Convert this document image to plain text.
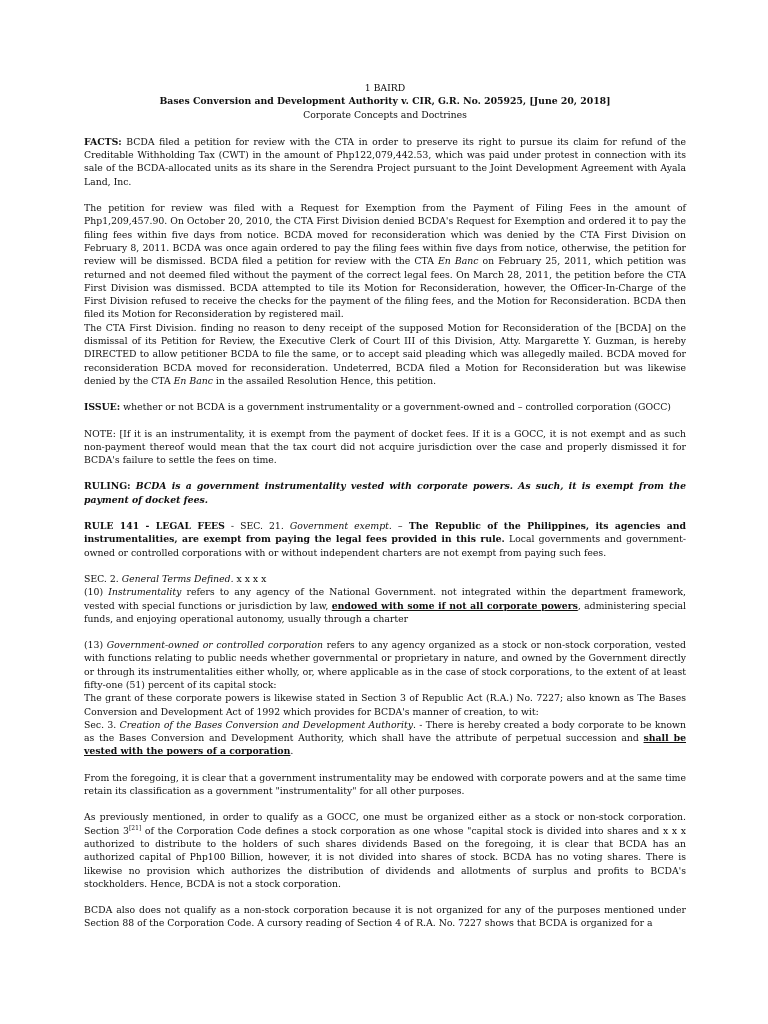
1 BAIRD

Bases Conversion and Development Authority v. CIR, G.R. No. 205925, [June 20, 2018]

Corporate Concepts and Doctrines

FACTS: BCDA filed a petition for review with the CTA in order to preserve its right to pursue its claim for refund of the Creditable Withholding Tax (CWT) in the amount of Php122,079,442.53, which was paid under protest in connection with its sale of the BCDA-allocated units as its share in the Serendra Project pursuant to the Joint Development Agreement with Ayala Land, Inc.

The petition for review was filed with a Request for Exemption from the Payment of Filing Fees in the amount of Php1,209,457.90. On October 20, 2010, the CTA First Division denied BCDA's Request for Exemption and ordered it to pay the filing fees within five days from notice. BCDA moved for reconsideration which was denied by the CTA First Division on February 8, 2011. BCDA was once again ordered to pay the filing fees within five days from notice, otherwise, the petition for review will be dismissed. BCDA filed a petition for review with the CTA En Banc on February 25, 2011, which petition was returned and not deemed filed without the payment of the correct legal fees. On March 28, 2011, the petition before the CTA First Division was dismissed. BCDA attempted to tile its Motion for Reconsideration, however, the Officer-In-Charge of the First Division refused to receive the checks for the payment of the filing fees, and the Motion for Reconsideration. BCDA then filed its Motion for Reconsideration by registered mail.

The CTA First Division. finding no reason to deny receipt of the supposed Motion for Reconsideration of the [BCDA] on the dismissal of its Petition for Review, the Executive Clerk of Court III of this Division, Atty. Margarette Y. Guzman, is hereby DIRECTED to allow petitioner BCDA to file the same, or to accept said pleading which was allegedly mailed. BCDA moved for reconsideration BCDA moved for reconsideration. Undeterred, BCDA filed a Motion for Reconsideration but was likewise denied by the CTA En Banc in the assailed Resolution Hence, this petition.

ISSUE: whether or not BCDA is a government instrumentality or a government-owned and – controlled corporation (GOCC)

NOTE: [If it is an instrumentality, it is exempt from the payment of docket fees. If it is a GOCC, it is not exempt and as such non-payment thereof would mean that the tax court did not acquire jurisdiction over the case and properly dismissed it for BCDA's failure to settle the fees on time.

RULING: BCDA is a government instrumentality vested with corporate powers. As such, it is exempt from the payment of docket fees.

RULE 141 - LEGAL FEES - SEC. 21. Government exempt. – The Republic of the Philippines, its agencies and instrumentalities, are exempt from paying the legal fees provided in this rule. Local governments and government-owned or controlled corporations with or without independent charters are not exempt from paying such fees.

SEC. 2. General Terms Defined. x x x x

(10) Instrumentality refers to any agency of the National Government. not integrated within the department framework, vested with special functions or jurisdiction by law, endowed with some if not all corporate powers, administering special funds, and enjoying operational autonomy, usually through a charter

(13) Government-owned or controlled corporation refers to any agency organized as a stock or non-stock corporation, vested with functions relating to public needs whether governmental or proprietary in nature, and owned by the Government directly or through its instrumentalities either wholly, or, where applicable as in the case of stock corporations, to the extent of at least fifty-one (51) percent of its capital stock:

The grant of these corporate powers is likewise stated in Section 3 of Republic Act (R.A.) No. 7227; also known as The Bases Conversion and Development Act of 1992 which provides for BCDA's manner of creation, to wit:

Sec. 3. Creation of the Bases Conversion and Development Authority. - There is hereby created a body corporate to be known as the Bases Conversion and Development Authority, which shall have the attribute of perpetual succession and shall be vested with the powers of a corporation.

From the foregoing, it is clear that a government instrumentality may be endowed with corporate powers and at the same time retain its classification as a government "instrumentality" for all other purposes.

As previously mentioned, in order to qualify as a GOCC, one must be organized either as a stock or non-stock corporation. Section 3[21] of the Corporation Code defines a stock corporation as one whose "capital stock is divided into shares and x x x authorized to distribute to the holders of such shares dividends Based on the foregoing, it is clear that BCDA has an authorized capital of Php100 Billion, however, it is not divided into shares of stock. BCDA has no voting shares. There is likewise no provision which authorizes the distribution of dividends and allotments of surplus and profits to BCDA's stockholders. Hence, BCDA is not a stock corporation.

BCDA also does not qualify as a non-stock corporation because it is not organized for any of the purposes mentioned under Section 88 of the Corporation Code. A cursory reading of Section 4 of R.A. No. 7227 shows that BCDA is organized for a
